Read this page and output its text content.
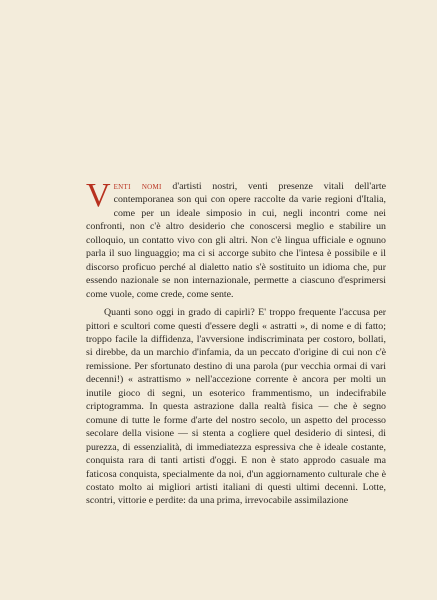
Venti nomi d'artisti nostri, venti presenze vitali dell'arte contemporanea son qui con opere raccolte da varie regioni d'Italia, come per un ideale simposio in cui, negli incontri come nei confronti, non c'è altro desiderio che conoscersi meglio e stabilire un colloquio, un contatto vivo con gli altri. Non c'è lingua ufficiale e ognuno parla il suo linguaggio; ma ci si accorge subito che l'intesa è possibile e il discorso proficuo perché al dialetto natio s'è sostituito un idioma che, pur essendo nazionale se non internazionale, permette a ciascuno d'esprimersi come vuole, come crede, come sente.

Quanti sono oggi in grado di capirli? E' troppo frequente l'accusa per pittori e scultori come questi d'essere degli « astratti », di nome e di fatto; troppo facile la diffidenza, l'avversione indiscriminata per costoro, bollati, si direbbe, da un marchio d'infamia, da un peccato d'origine di cui non c'è remissione. Per sfortunato destino di una parola (pur vecchia ormai di vari decenni!) « astrattismo » nell'accezione corrente è ancora per molti un inutile gioco di segni, un esoterico frammentismo, un indecifrabile criptogramma. In questa astrazione dalla realtà fisica — che è segno comune di tutte le forme d'arte del nostro secolo, un aspetto del processo secolare della visione — si stenta a cogliere quel desiderio di sintesi, di purezza, di essenzialità, di immediatezza espressiva che è ideale costante, conquista rara di tanti artisti d'oggi. E non è stato approdo casuale ma faticosa conquista, specialmente da noi, d'un aggiornamento culturale che è costato molto ai migliori artisti italiani di questi ultimi decenni. Lotte, scontri, vittorie e perdite: da una prima, irrevocabile assimilazione
